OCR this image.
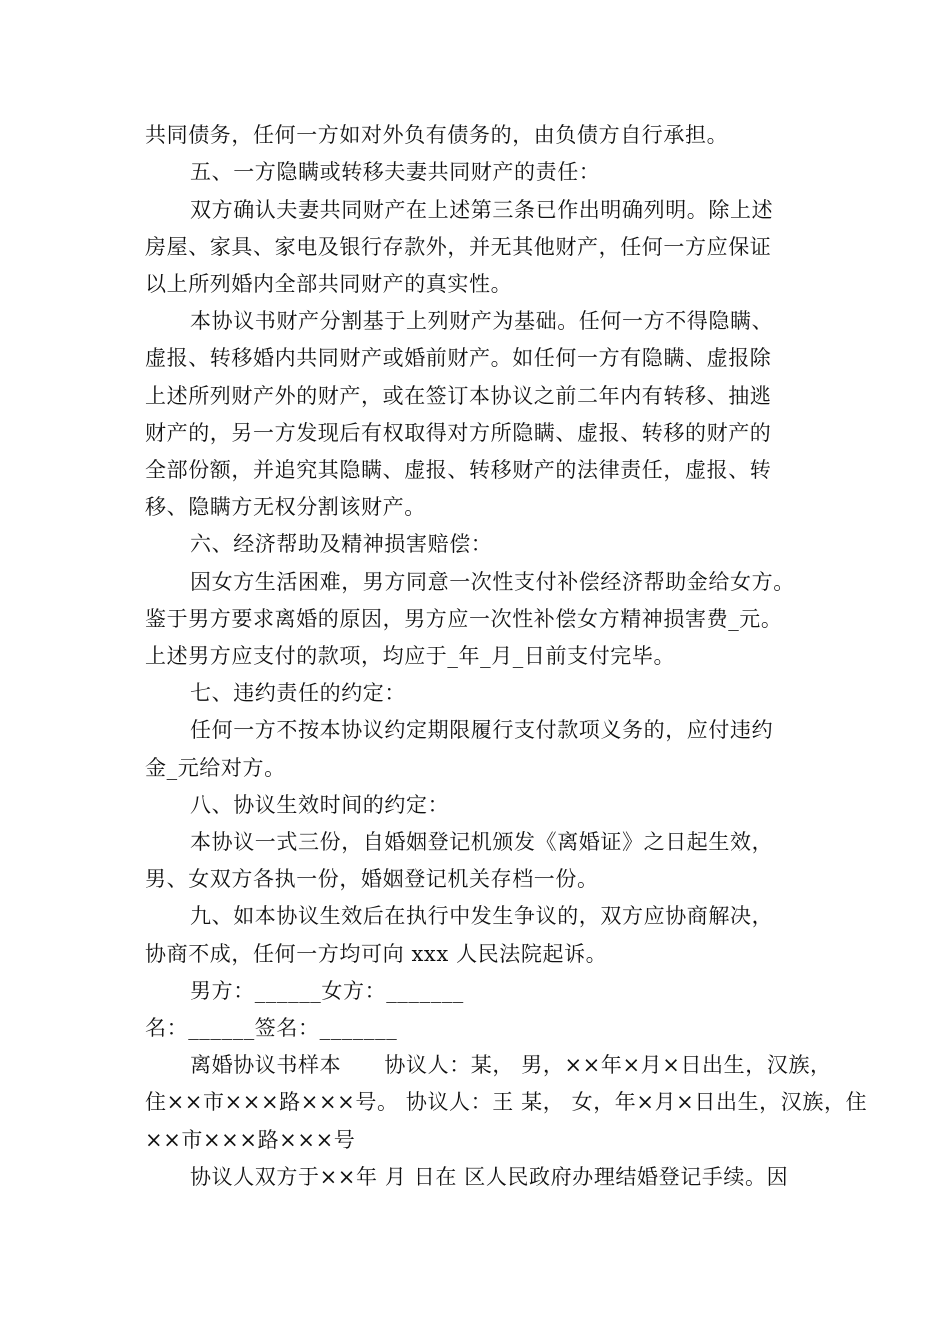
共同债务，任何一方如对外负有债务的，由负债方自行承担。
五、一方隐瞒或转移夫妻共同财产的责任：
双方确认夫妻共同财产在上述第三条已作出明确列明。除上述
房屋、家具、家电及银行存款外，并无其他财产，任何一方应保证
以上所列婚内全部共同财产的真实性。
本协议书财产分割基于上列财产为基础。任何一方不得隐瞒、
虚报、转移婚内共同财产或婚前财产。如任何一方有隐瞒、虚报除
上述所列财产外的财产，或在签订本协议之前二年内有转移、抽逃
财产的，另一方发现后有权取得对方所隐瞒、虚报、转移的财产的
全部份额，并追究其隐瞒、虚报、转移财产的法律责任，虚报、转
移、隐瞒方无权分割该财产。
六、经济帮助及精神损害赔偿：
因女方生活困难，男方同意一次性支付补偿经济帮助金给女方。
鉴于男方要求离婚的原因，男方应一次性补偿女方精神损害费_元。
上述男方应支付的款项，均应于_年_月_日前支付完毕。
七、违约责任的约定：
任何一方不按本协议约定期限履行支付款项义务的，应付违约
金_元给对方。
八、协议生效时间的约定：
本协议一式三份，自婚姻登记机颁发《离婚证》之日起生效，
男、女双方各执一份，婚姻登记机关存档一份。
九、如本协议生效后在执行中发生争议的，双方应协商解决，
协商不成，任何一方均可向 xxx 人民法院起诉。
男方：______女方：_______
名：______签名：_______
离婚协议书样本　　协议人：某， 男，××年×月×日出生，汉族，
住××市×××路×××号。 协议人：王 某， 女，年×月×日出生，汉族，住
××市×××路×××号
协议人双方于××年 月 日在 区人民政府办理结婚登记手续。因
